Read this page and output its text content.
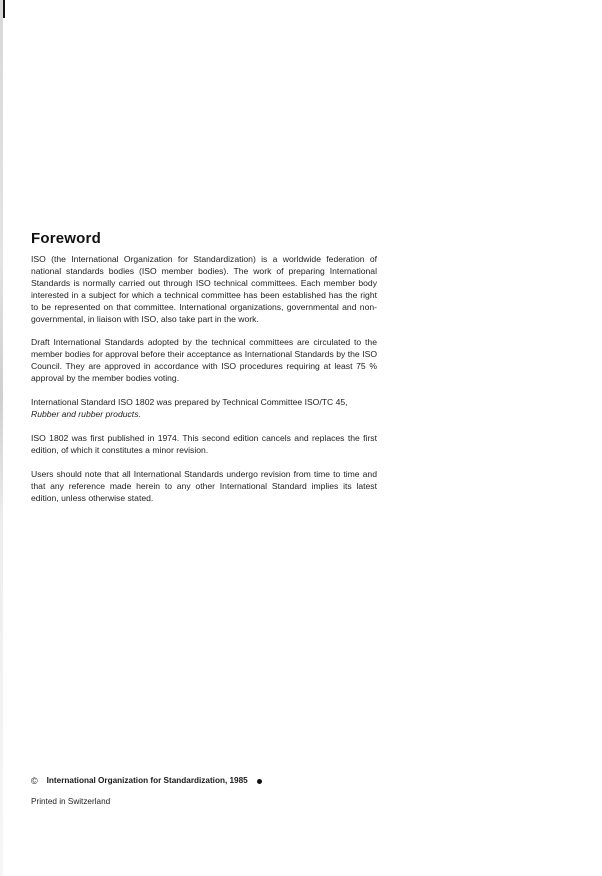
Foreword

ISO (the International Organization for Standardization) is a worldwide federation of national standards bodies (ISO member bodies). The work of preparing International Standards is normally carried out through ISO technical committees. Each member body interested in a subject for which a technical committee has been established has the right to be represented on that committee. International organizations, governmental and non-governmental, in liaison with ISO, also take part in the work.

Draft International Standards adopted by the technical committees are circulated to the member bodies for approval before their acceptance as International Standards by the ISO Council. They are approved in accordance with ISO procedures requiring at least 75 % approval by the member bodies voting.

International Standard ISO 1802 was prepared by Technical Committee ISO/TC 45,
Rubber and rubber products.

ISO 1802 was first published in 1974. This second edition cancels and replaces the first edition, of which it constitutes a minor revision.

Users should note that all International Standards undergo revision from time to time and that any reference made herein to any other International Standard implies its latest edition, unless otherwise stated.

© International Organization for Standardization, 1985
Printed in Switzerland
